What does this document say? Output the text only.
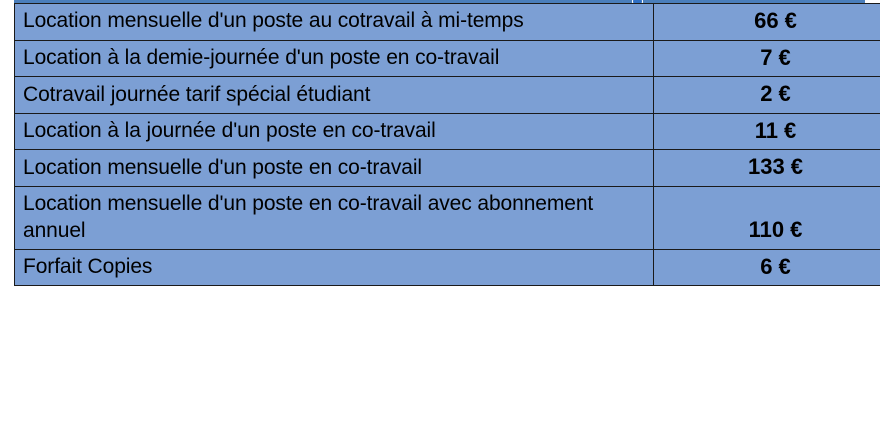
Location mensuelle d'un poste au cotravail à mi-temps	66 €
Location à la demie-journée d'un poste en co-travail	7 €
Cotravail journée tarif spécial étudiant	2 €
Location à la journée d'un poste en co-travail	11 €
Location mensuelle d'un poste en co-travail	133 €
Location mensuelle d'un poste en co-travail avec abonnement annuel	110 €
Forfait Copies	6 €
